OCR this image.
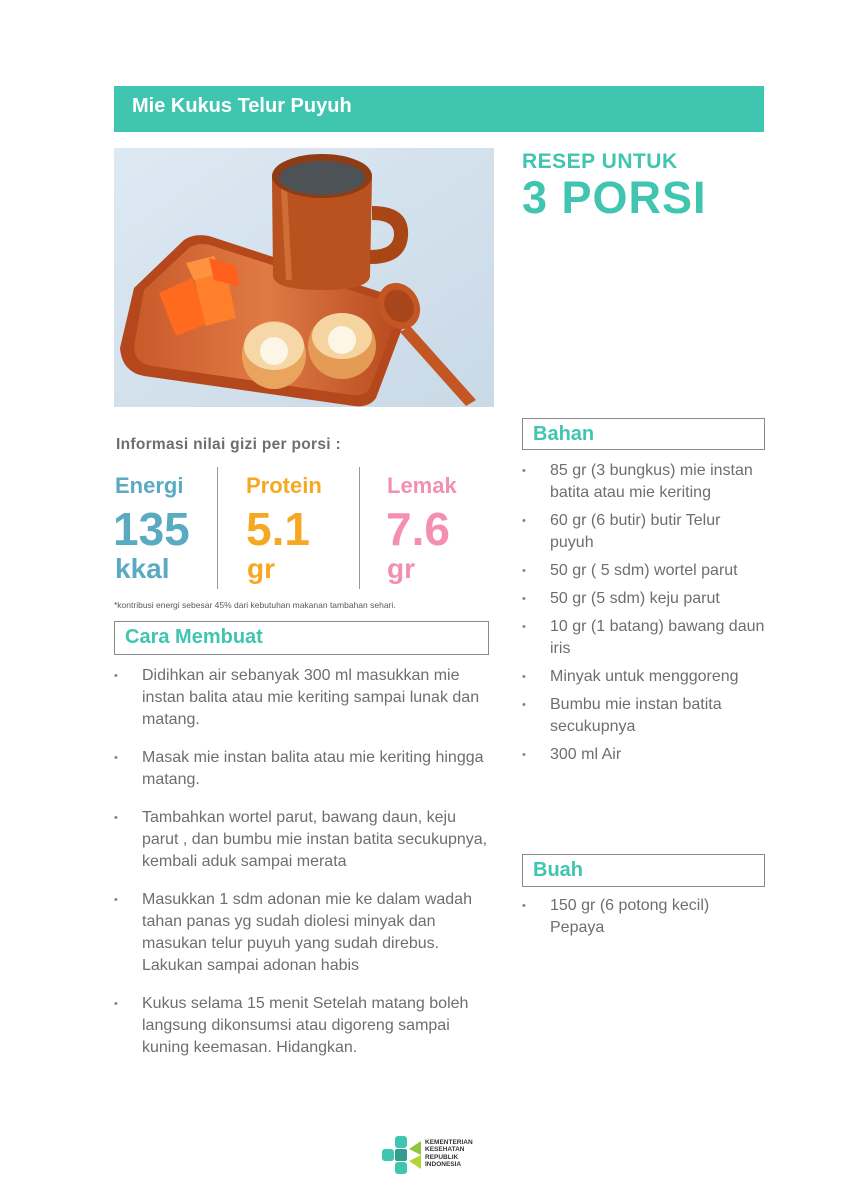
Mie Kukus Telur Puyuh
RESEP UNTUK
3 PORSI
Informasi nilai gizi per porsi :
Energi
135
kkal
Protein
5.1
gr
Lemak
7.6
gr
*kontribusi energi sebesar 45% dari kebutuhan makanan tambahan sehari.
Cara Membuat
• Didihkan air sebanyak 300 ml masukkan mie instan balita atau mie keriting sampai lunak dan matang.
• Masak mie instan balita atau mie keriting hingga matang.
• Tambahkan wortel parut, bawang daun, keju parut , dan bumbu mie instan batita secukupnya, kembali aduk sampai merata
• Masukkan 1 sdm adonan mie ke dalam wadah tahan panas yg sudah diolesi minyak dan masukan telur puyuh yang sudah direbus. Lakukan sampai adonan habis
• Kukus selama 15 menit Setelah matang boleh langsung dikonsumsi atau digoreng sampai kuning keemasan. Hidangkan.
Bahan
• 85 gr (3 bungkus) mie instan batita atau mie keriting
• 60 gr (6 butir) butir Telur puyuh
• 50 gr ( 5 sdm) wortel parut
• 50 gr (5 sdm) keju parut
• 10 gr (1 batang) bawang daun iris
• Minyak untuk menggoreng
• Bumbu mie instan batita secukupnya
• 300 ml Air
Buah
• 150 gr (6 potong kecil) Pepaya
KEMENTERIAN
KESEHATAN
REPUBLIK
INDONESIA
